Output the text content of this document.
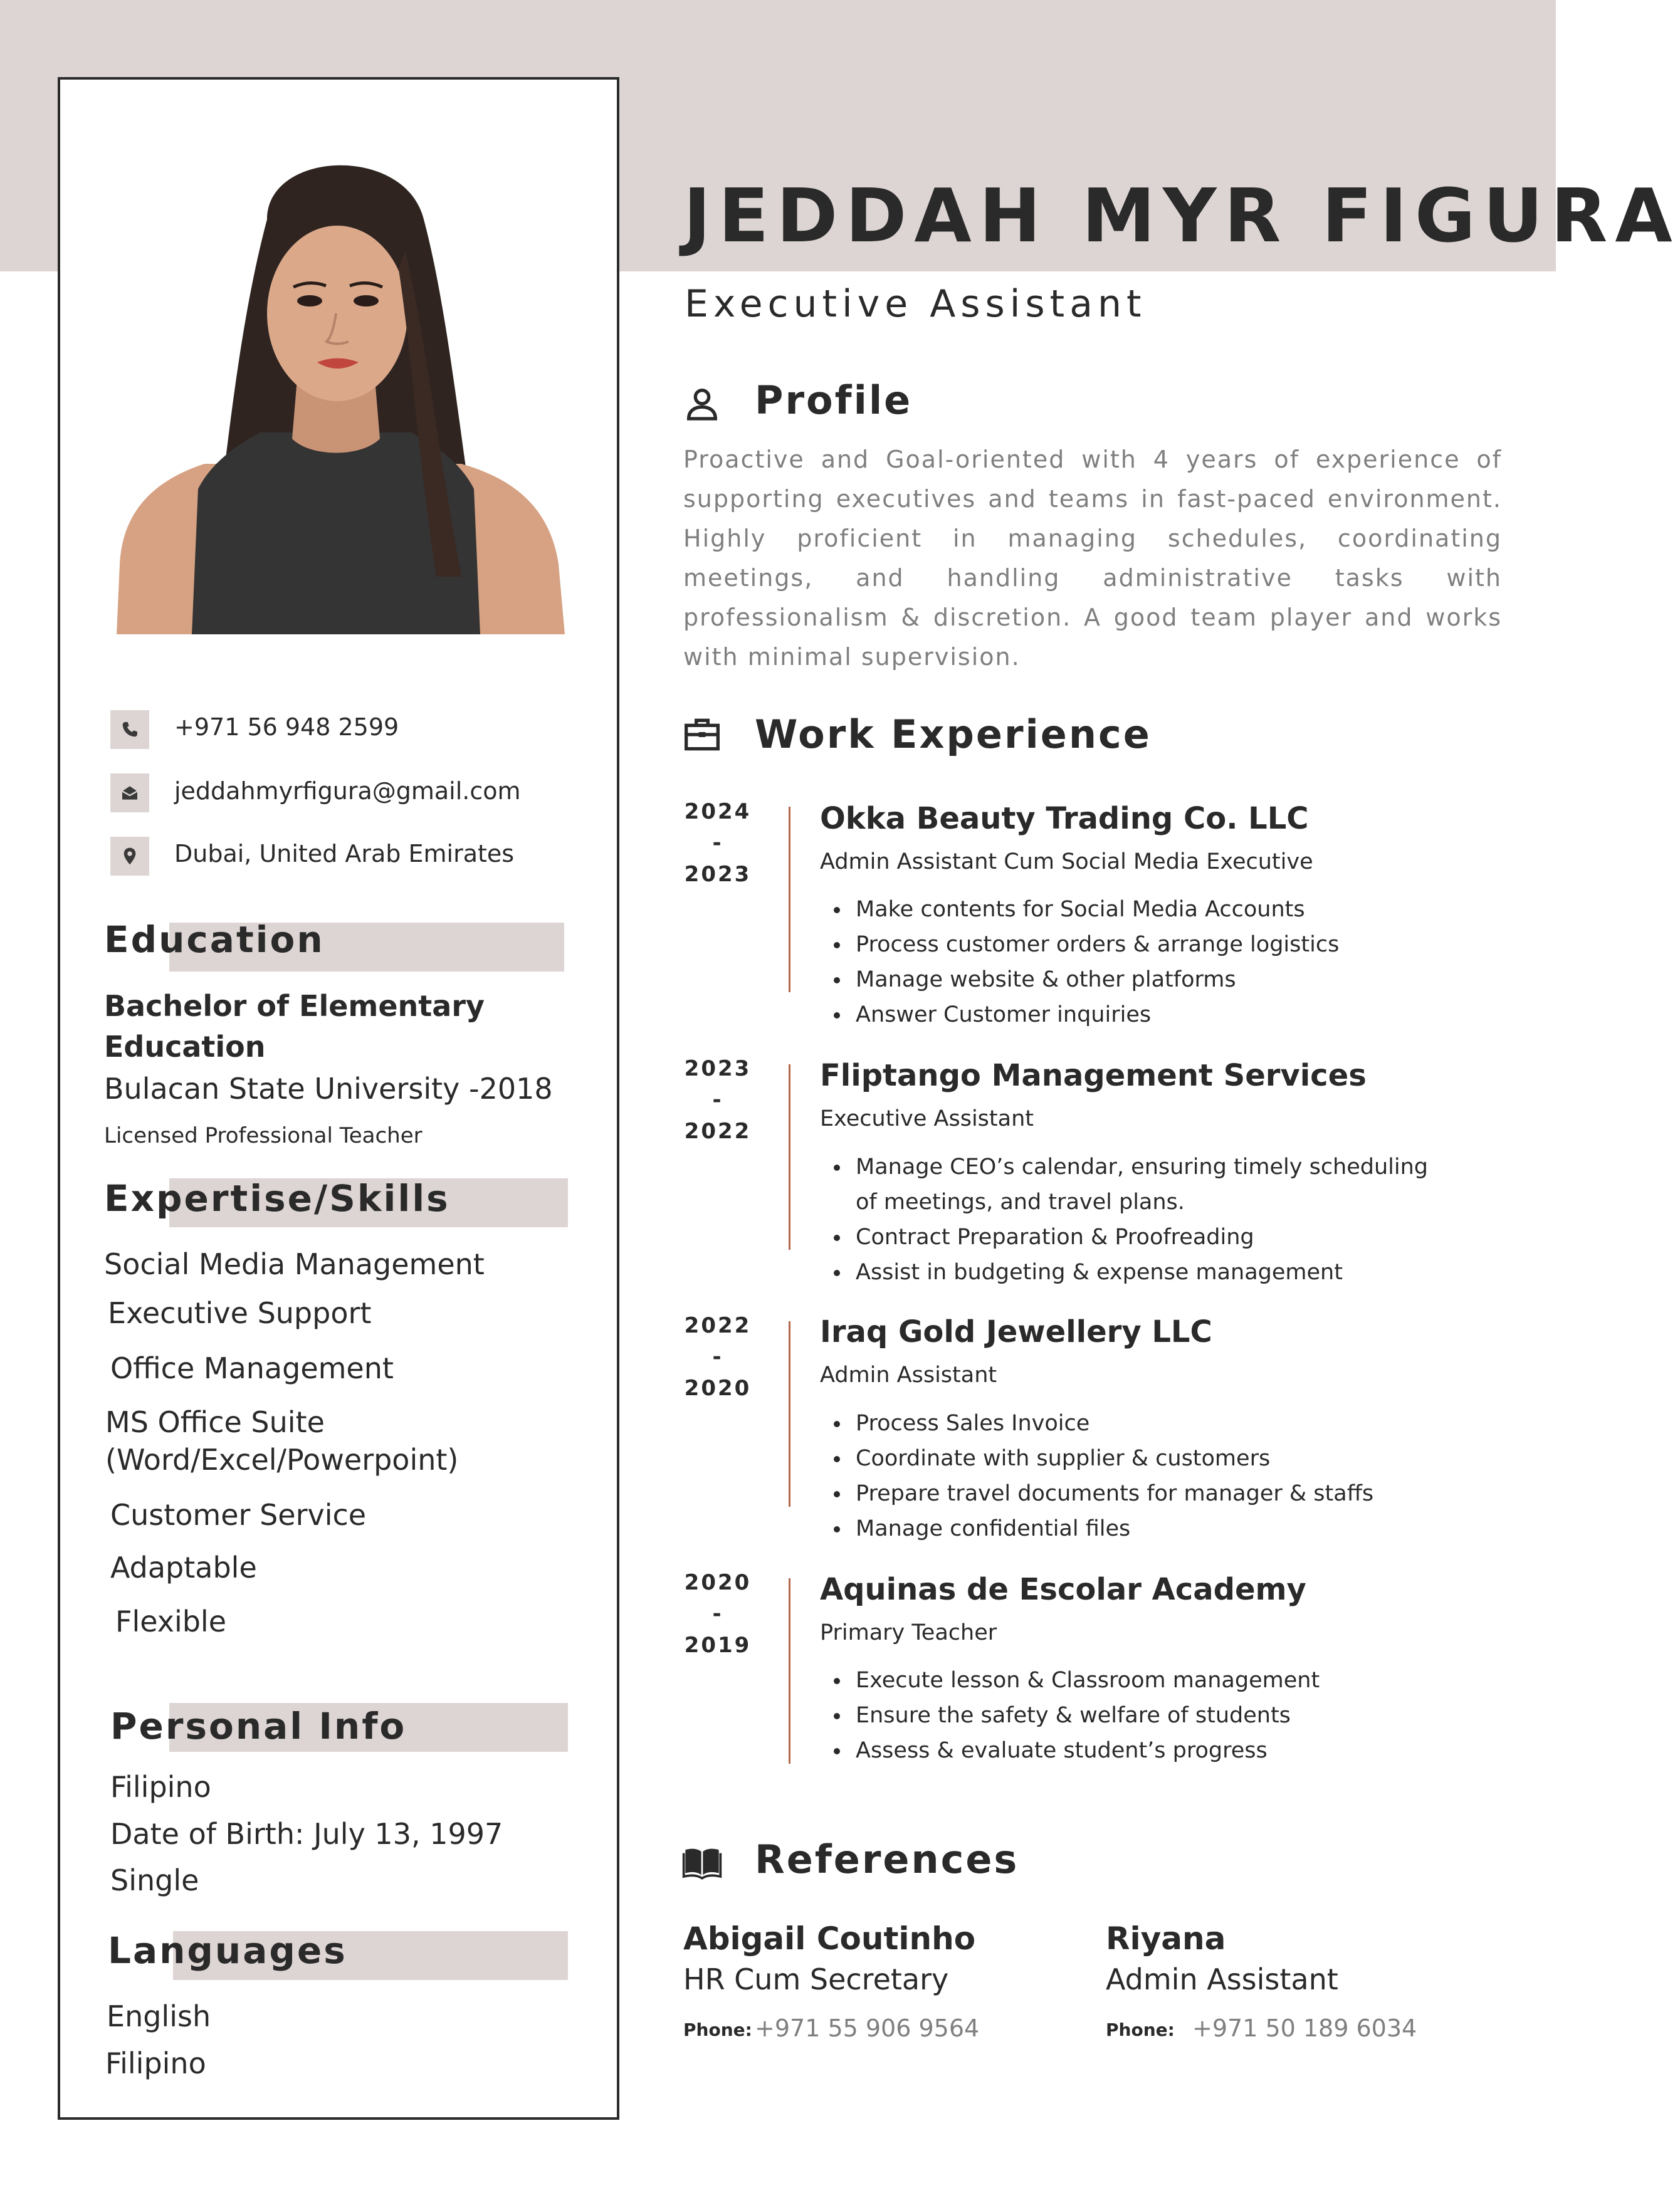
+971 56 948 2599
jeddahmyrfigura@gmail.com
Dubai, United Arab Emirates
Education
Bachelor of Elementary
Education
Bulacan State University -2018
Licensed Professional Teacher
Expertise/Skills
Social Media Management
Executive Support
Office Management
MS Office Suite
(Word/Excel/Powerpoint)
Customer Service
Adaptable
Flexible
Personal Info
Filipino
Date of Birth: July 13, 1997
Single
Languages
English
Filipino
JEDDAH MYR FIGURA
Executive Assistant
Profile
Proactive and Goal-oriented with 4 years of experience of supporting executives and teams in fast-paced environment. Highly proficient in managing schedules, coordinating meetings, and handling administrative tasks with professionalism & discretion. A good team player and works with minimal supervision.
Work Experience
2024
-
2023
Okka Beauty Trading Co. LLC
Admin Assistant Cum Social Media Executive
Make contents for Social Media Accounts
Process customer orders & arrange logistics
Manage website & other platforms
Answer Customer inquiries
2023
-
2022
Fliptango Management Services
Executive Assistant
Manage CEO’s calendar, ensuring timely scheduling
of meetings, and travel plans.
Contract Preparation & Proofreading
Assist in budgeting & expense management
2022
-
2020
Iraq Gold Jewellery LLC
Admin Assistant
Process Sales Invoice
Coordinate with supplier & customers
Prepare travel documents for manager & staffs
Manage confidential files
2020
-
2019
Aquinas de Escolar Academy
Primary Teacher
Execute lesson & Classroom management
Ensure the safety & welfare of students
Assess & evaluate student’s progress
References
Abigail Coutinho
HR Cum Secretary
Phone: +971 55 906 9564
Riyana
Admin Assistant
Phone: +971 50 189 6034
